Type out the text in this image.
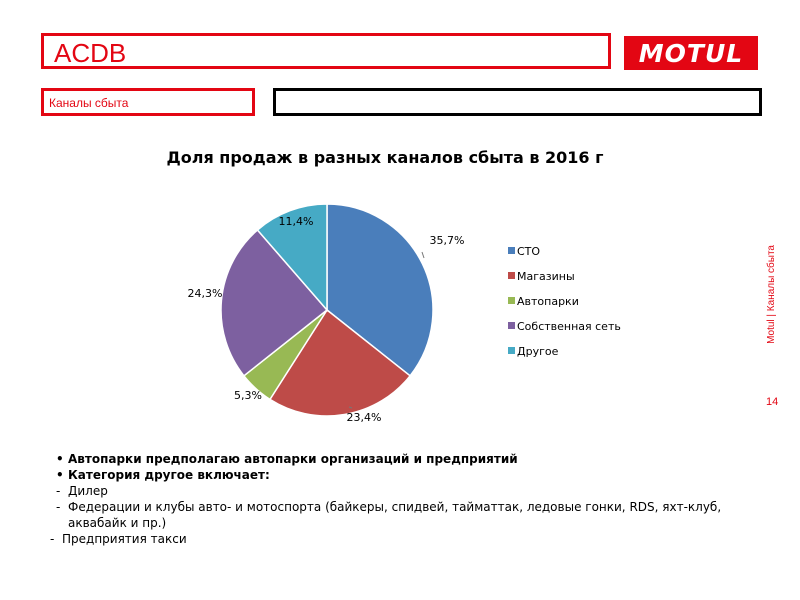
ACDB	MOTUL
Каналы сбыта
Доля продаж в разных каналов сбыта в 2016 г
35,7%
23,4%
5,3%
24,3%
11,4%
СТО
Магазины
Автопарки
Собственная сеть
Другое
Motul | Каналы сбыта
14
• Автопарки предполагаю автопарки организаций и предприятий
• Категория другое включает:
- Дилер
- Федерации и клубы авто- и мотоспорта (байкеры, спидвей, тайматтак, ледовые гонки, RDS, яхт-клуб, аквабайк и пр.)
- Предприятия такси
